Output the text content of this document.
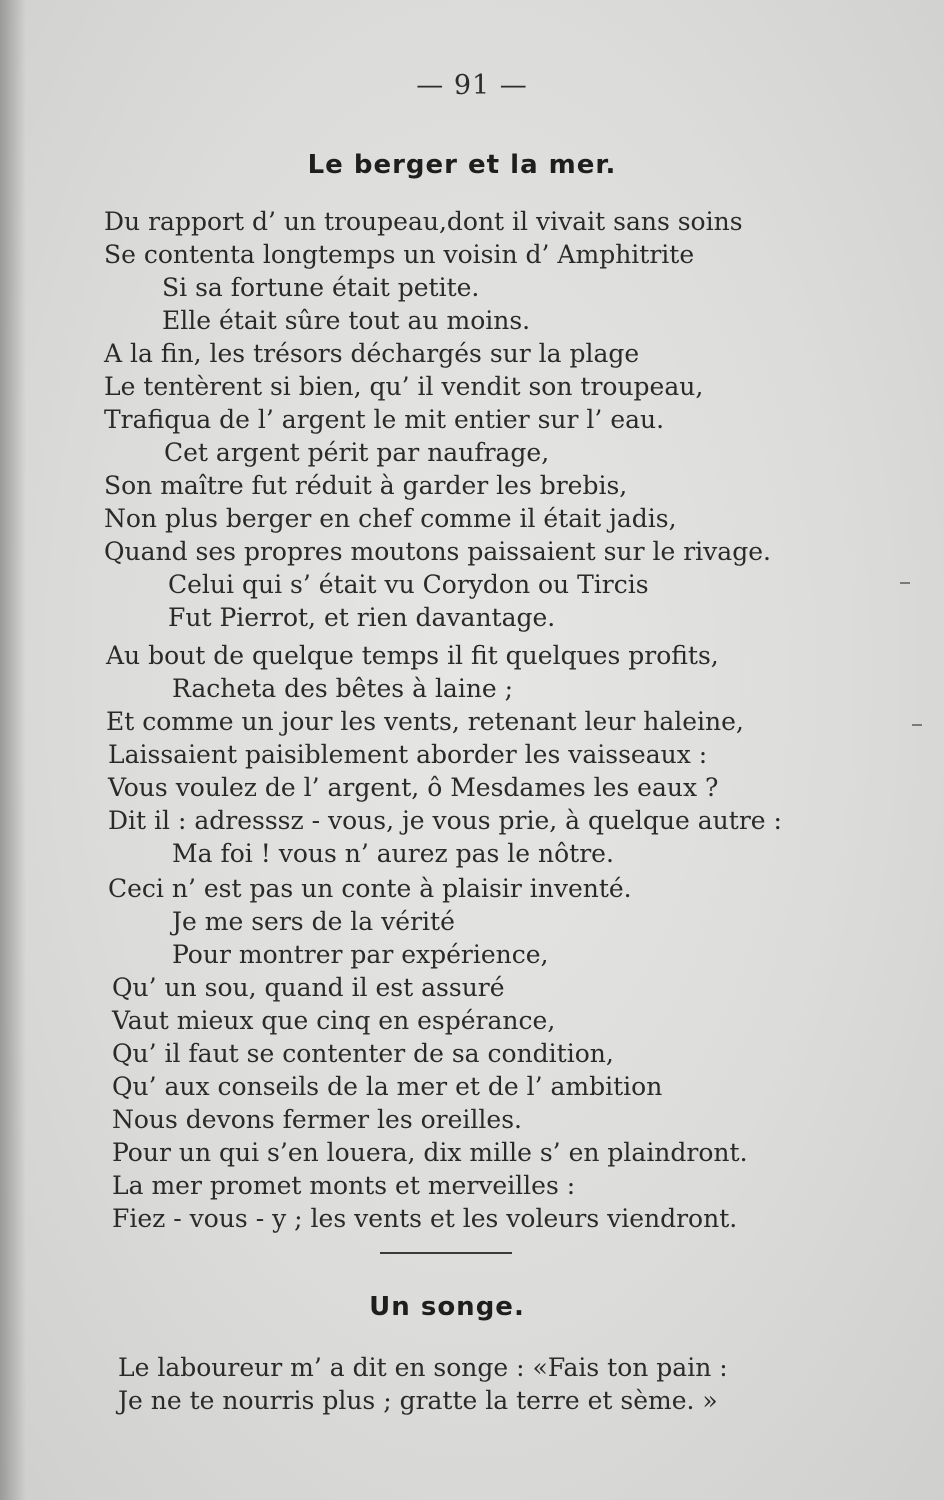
— 91 —
Le berger et la mer.
Du rapport d’ un troupeau,dont il vivait sans soins
Se contenta longtemps un voisin d’ Amphitrite
Si sa fortune était petite.
Elle était sûre tout au moins.
A la fin, les trésors déchargés sur la plage
Le tentèrent si bien, qu’ il vendit son troupeau,
Trafiqua de l’ argent le mit entier sur l’ eau.
Cet argent périt par naufrage,
Son maître fut réduit à garder les brebis,
Non plus berger en chef comme il était jadis,
Quand ses propres moutons paissaient sur le rivage.
Celui qui s’ était vu Corydon ou Tircis
Fut Pierrot, et rien davantage.
Au bout de quelque temps il fit quelques profits,
Racheta des bêtes à laine ;
Et comme un jour les vents, retenant leur haleine,
Laissaient paisiblement aborder les vaisseaux :
Vous voulez de l’ argent, ô Mesdames les eaux ?
Dit il : adresssz - vous, je vous prie, à quelque autre :
Ma foi ! vous n’ aurez pas le nôtre.
Ceci n’ est pas un conte à plaisir inventé.
Je me sers de la vérité
Pour montrer par expérience,
Qu’ un sou, quand il est assuré
Vaut mieux que cinq en espérance,
Qu’ il faut se contenter de sa condition,
Qu’ aux conseils de la mer et de l’ ambition
Nous devons fermer les oreilles.
Pour un qui s’en louera, dix mille s’ en plaindront.
La mer promet monts et merveilles :
Fiez - vous - y ; les vents et les voleurs viendront.
Un songe.
Le laboureur m’ a dit en songe : «Fais ton pain :
Je ne te nourris plus ; gratte la terre et sème. »
